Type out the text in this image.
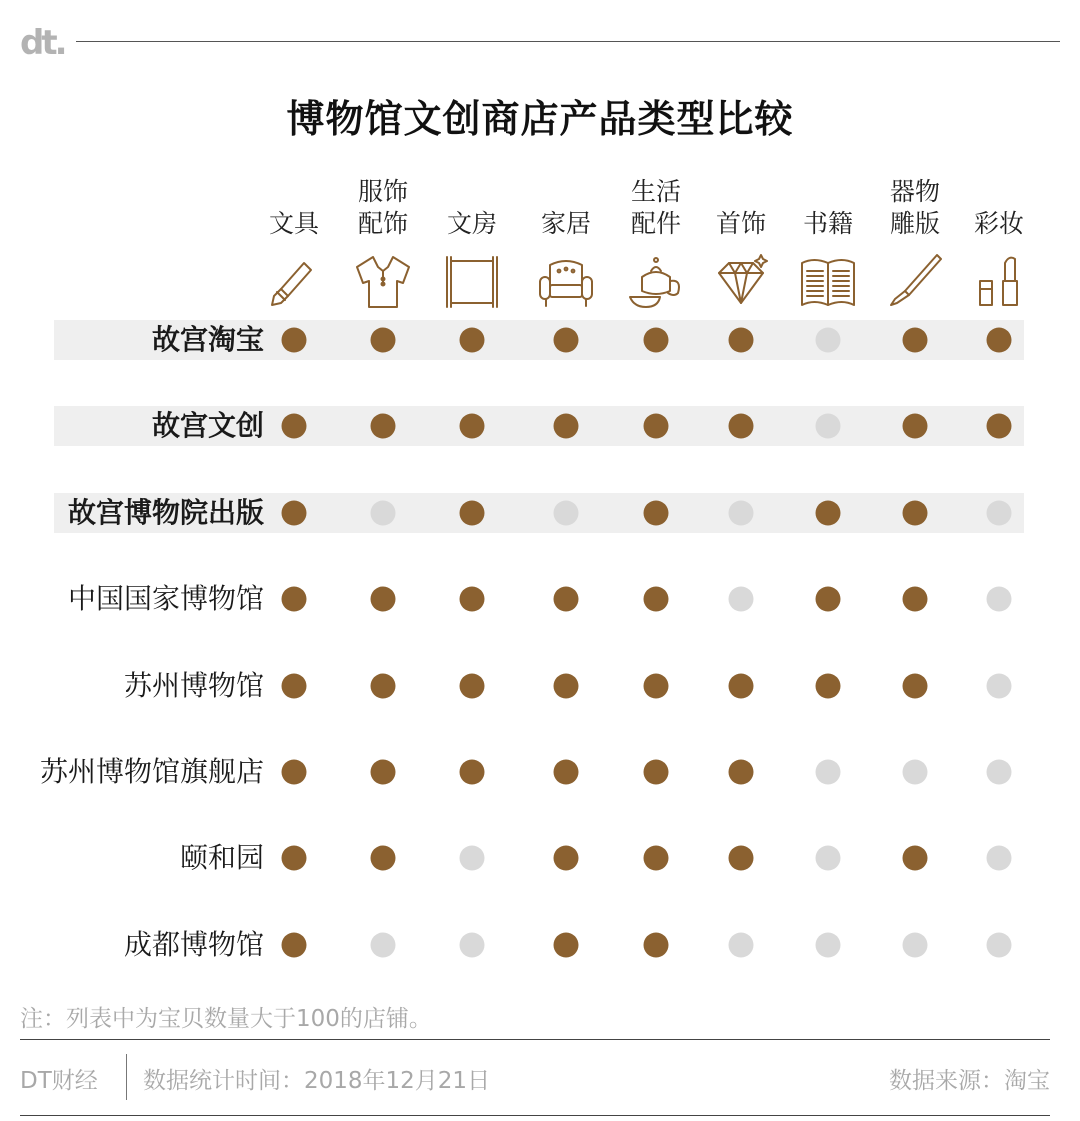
dt.
博物馆文创商店产品类型比较
文具
服饰
配饰 文房 家居
生活
配件 首饰 书籍
器物
雕版 彩妆
故宫淘宝
故宫文创
故宫博物院出版
中国国家博物馆
苏州博物馆
苏州博物馆旗舰店
颐和园
成都博物馆
注：列表中为宝贝数量大于100的店铺。
DT财经 数据统计时间：2018年12月21日	数据来源：淘宝
